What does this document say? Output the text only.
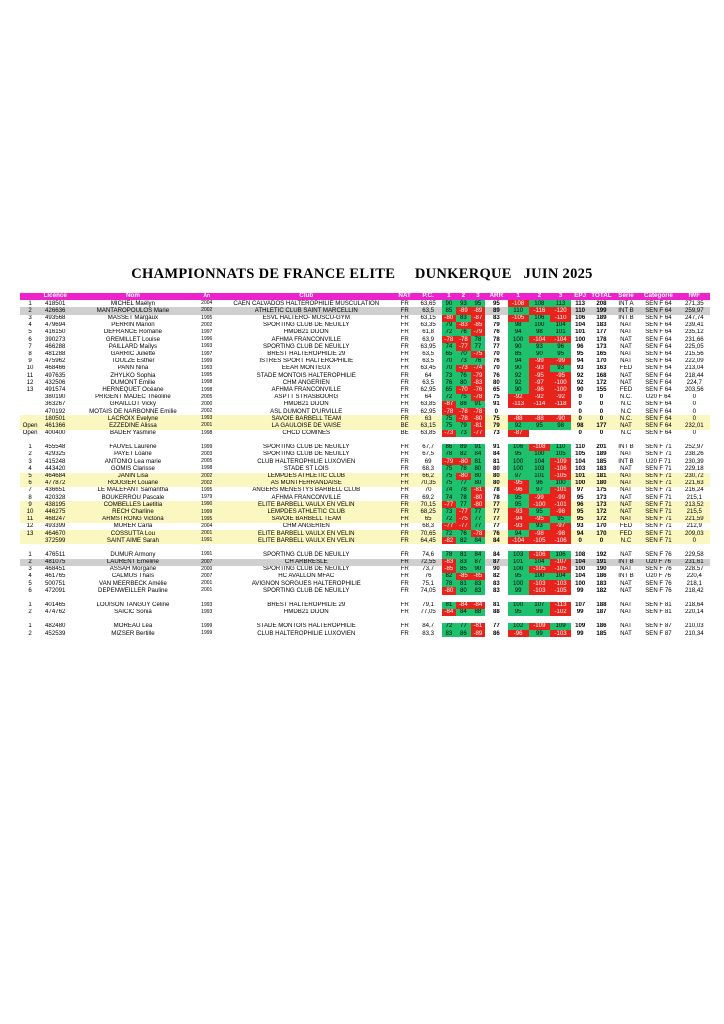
CHAMPIONNATS DE FRANCE ELITE     DUNKERQUE   JUIN 2025
	Licence	Nom	An	Club	NAT	P.C.	1	2	3	ARR	1	2	3	EPJ	TOTAL	Série	Catégorie	IWF
1	418501	MICHEL Maëlyn	2004	CAEN CALVADOS HALTEROPHILIE MUSCULATION	FR	63,65	90	93	95	95	-108	108	113	113	208	INT A	SEN F 64	271,35
2	426636	MANTAROPOULOS Marie	2002	ATHLETIC CLUB SAINT MARCELLIN	FR	63,5	85	-89	-89	89	110	-116	-120	110	199	INT B	SEN F 64	259,97
3	493568	MASSET Margaux	1995	ESVL HALTERO- MUSCU-GYM	FR	63,15	-80	83	-87	83	-105	106	-110	106	189	INT B	SEN F 64	247,74
4	479694	PERRIN Marion	2002	SPORTING CLUB DE NEUILLY	FR	63,35	79	-83	-85	79	98	100	104	104	183	NAT	SEN F 64	239,41
5	416150	DEFRANCE Romane	1997	HMDB21 DIJON	FR	61,8	72	76	-79	76	94	98	101	101	177	NAT	SEN F 64	235,12
6	390273	GREMILLET Louise	1996	AFHMA FRANCONVILLE	FR	63,9	-78	-78	78	78	100	-104	-104	100	178	NAT	SEN F 64	231,66
7	466288	PAILLARD Maïlys	1993	SPORTING CLUB DE NEUILLY	FR	63,95	74	-77	77	77	90	93	96	96	173	NAT	SEN F 64	225,05
8	481288	GARRIC Juliette	1997	BREST HALTEROPHILIE 29	FR	63,5	65	70	-75	70	85	90	95	95	165	NAT	SEN F 64	215,56
9	475962	TOULZE Esther	1999	ISTRES SPORT HALTEROPHILIE	FR	63,5	70	73	76	76	94	-99	-99	94	170	NAT	SEN F 64	222,09
10	468466	PANN Nina	1993	EEAR MONTEUX	FR	63,45	70	-73	-74	70	90	-93	93	93	163	FED	SEN F 64	213,04
11	497635	ZHYLKO Sophia	1995	STADE MONTOIS HALTEROPHILIE	FR	64	73	76	-79	76	92	-95	-95	92	168	NAT	SEN F 64	218,44
12	432506	DUMONT Emilie	1998	CHM ANGERIEN	FR	63,5	76	80	-83	80	92	-97	-100	92	172	NAT	SEN F 64	224,7
13	491574	HERNEQUET Océane	1998	AFHMA FRANCONVILLE	FR	62,95	65	-70	-76	65	90	-96	-100	90	155	FED	SEN F 64	203,56
	380190	PRIGENT MADEC Théoline	2005	ASPTT STRASBOURG	FR	64	72	75	-78	75	-92	-92	-92	0	0	N.C.	U20 F 64	0
	363267	GRAILLOT Vicky	2000	HMDB21 DIJON	FR	63,85	-87	88	91	91	-113	-114	-118	0	0	N.C	SEN F 64	0
	470192	MOTAIS DE NARBONNE Emilie	2002	ASL DUMONT D'URVILLE	FR	62,95	-78	-78	-78	0				0	0	N.C	SEN F 64	0
	180501	LACROIX Evelyne	1993	SAVOIE BARBELL TEAM	FR	63	75	-78	-80	75	-88	-88	-90	0	0	N.C.	SEN F 64	0
Open	461366	EZZEDINE Alissa	2001	LA GAULOISE DE VAISE	BE	63,15	75	79	-81	79	92	95	98	98	177	NAT	SEN F 64	232,01
Open	400400	BADER Yasmine	1998	CHCD COMINES	BE	63,85	-73	73	-77	73	-87			0	0	N.C	SEN F 64	0

1	455548	FAUVEL Lauréne	1999	SPORTING CLUB DE NEUILLY	FR	67,7	86	89	91	91	106	-108	110	110	201	INT B	SEN F 71	252,97
2	429325	PAYET Loane	2003	SPORTING CLUB DE NEUILLY	FR	67,5	78	82	84	84	95	100	105	105	189	NAT	SEN F 71	238,26
3	415248	ANTONIO Lea marie	2005	CLUB HALTEROPHILIE LUXOVIEN	FR	69	-79	-80	81	81	100	104	-109	104	185	INT B	U20 F 71	230,39
4	443420	GOMIS Clarisse	1998	STADE ST LOIS	FR	68,3	75	78	80	80	100	103	-106	103	183	NAT	SEN F 71	229,18
5	464684	JANIN Lisa	2002	LEMPDES ATHLETIC CLUB	FR	66,2	75	-80	80	80	97	101	-105	101	181	NAT	SEN F 71	230,72
6	477872	ROUGIER Louane	2002	AS MONTFERRANDAISE	FR	70,35	75	77	80	80	-95	96	100	100	180	NAT	SEN F 71	221,63
7	436651	LE MALEFANT Samantha	1995	ANGERS MENESTYS BARBELL CLUB	FR	70	74	78	-81	78	-96	97	-101	97	175	NAT	SEN F 71	216,24
8	420328	BOUKERROU Pascale	1979	AFHMA FRANCONVILLE	FR	69,2	74	78	-80	78	95	-99	-99	95	173	NAT	SEN F 71	215,1
9	438195	COMBELLES Laetitia	1990	ELITE BARBELL VAULX EN VELIN	FR	70,15	-77	77	-80	77	95	-100	-101	96	173	NAT	SEN F 71	213,52
10	446275	RECH Charline	1999	LEMPDES ATHLETIC CLUB	FR	68,25	73	-77	77	77	-93	95	-98	95	172	NAT	SEN F 71	215,5
11	468247	ARMSTRONG Victoria	1995	SAVOIE BARBELL TEAM	FR	65	72	-75	77	77	-94	-95	95	95	172	NAT	SEN F 71	221,59
12	493399	MURER Carla	2004	CHM ANGERIEN	FR	68,3	-77	-77	77	77	-93	93	-97	93	170	FED	SEN F 71	212,9
13	464670	COSSUTTA Lou	2001	ELITE BARBELL VAULX EN VELIN	FR	70,65	72	76	-78	76	94	-98	-98	94	170	FED	SEN F 71	209,03
	372599	SAINT AIME Sarah	1991	ELITE BARBELL VAULX EN VELIN	FR	64,45	-82	82	84	84	-104	-105	-106	0	0	N.C	SEN F 71	0

1	476511	DUMUR Armony	1991	SPORTING CLUB DE NEUILLY	FR	74,6	78	81	84	84	103	-106	106	108	192	NAT	SEN F 76	229,58
2	481075	LAURENT Emeline	2007	CH ARBRESLE	FR	72,55	-83	83	87	87	101	104	-107	104	191	INT B	U20 F 76	231,61
3	468451	ASSAH Morgane	2000	SPORTING CLUB DE NEUILLY	FR	73,7	-85	85	90	90	100	-105	-105	100	190	NAT	SEN F 76	228,57
4	461765	CALMUS Thaïs	2007	HC AVALLON MFAC	FR	76	82	-85	-85	82	95	100	104	104	186	INT B	U20 F 76	220,4
5	500751	VAN MEERBECK Amélie	2001	AVIGNON SORGUES HALTEROPHILIE	FR	75,1	78	81	83	83	100	-103	-103	100	183	NAT	SEN F 76	218,1
6	472091	DEPENWEILLER Pauline	2001	SPORTING CLUB DE NEUILLY	FR	74,05	-80	80	83	83	99	-103	-105	99	182	NAT	SEN F 76	218,42

1	401465	LOUISON TANGUY Céline	1993	BREST HALTEROPHILIE 29	FR	79,1	81	-84	-84	81	100	107	-113	107	188	NAT	SEN F 81	218,64
2	474762	SAICIC Sonia	1993	HMDB21 DIJON	FR	77,05	-84	84	88	88	95	99	-102	99	187	NAT	SEN F 81	220,14

1	482480	MOREAU Léa	1999	STADE MONTOIS HALTEROPHILIE	FR	84,7	72	77	-81	77	102	-109	109	109	186	NAT	SEN F 87	210,03
2	452539	MIZSER Bertille	1999	CLUB HALTEROPHILIE LUXOVIEN	FR	83,3	83	86	-89	86	-96	99	-103	99	185	NAT	SEN F 87	210,34
